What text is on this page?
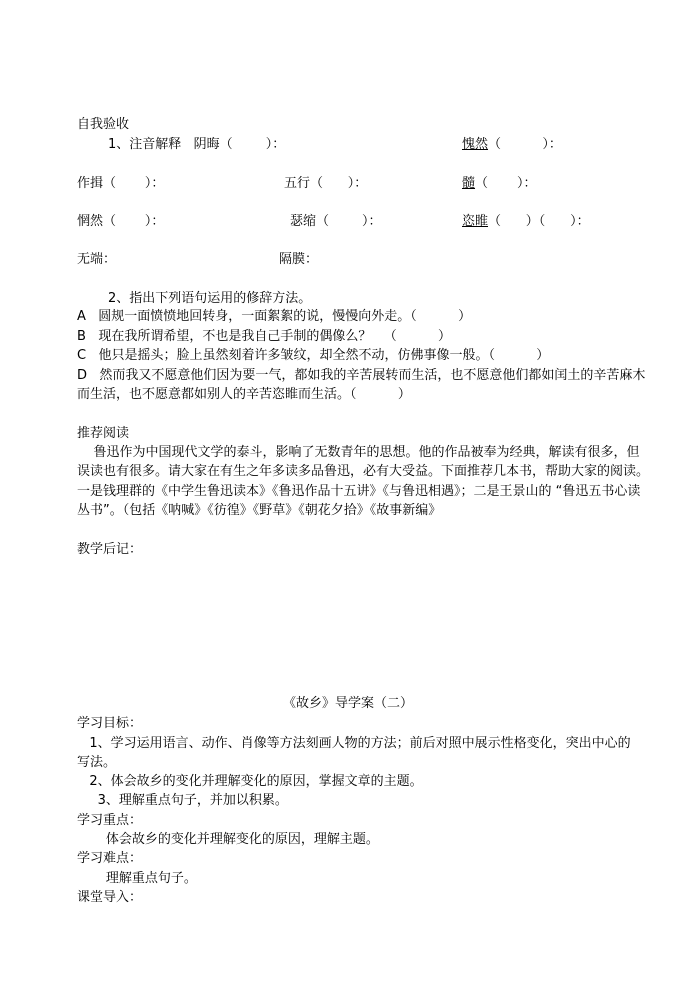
自我验收
1、注音解释   阴晦（        ）：	愧然（          ）：
作揖（       ）：	五行（      ）：	髓（       ）：
惘然（       ）：	瑟缩（        ）：	恣睢（      ）（      ）：
无端：	隔膜：
2、指出下列语句运用的修辞方法。
A   圆规一面愤愤地回转身，一面絮絮的说，慢慢向外走。（          ）
B   现在我所谓希望，不也是我自己手制的偶像么？   （          ）
C   他只是摇头；脸上虽然刻着许多皱纹，却全然不动，仿佛事像一般。（          ）
D   然而我又不愿意他们因为要一气，都如我的辛苦展转而生活，也不愿意他们都如闰土的辛苦麻木
而生活，也不愿意都如别人的辛苦恣睢而生活。（          ）
推荐阅读
鲁迅作为中国现代文学的泰斗，影响了无数青年的思想。他的作品被奉为经典，解读有很多，但
误读也有很多。请大家在有生之年多读多品鲁迅，必有大受益。下面推荐几本书，帮助大家的阅读。
一是钱理群的《中学生鲁迅读本》《鲁迅作品十五讲》《与鲁迅相遇》；二是王景山的 “鲁迅五书心读
丛书”。（包括《呐喊》《彷徨》《野草》《朝花夕拾》《故事新编》
教学后记：
《故乡》导学案（二）
学习目标：
1、学习运用语言、动作、肖像等方法刻画人物的方法；前后对照中展示性格变化，突出中心的
写法。
2、体会故乡的变化并理解变化的原因，掌握文章的主题。
3、理解重点句子，并加以积累。
学习重点：
体会故乡的变化并理解变化的原因，理解主题。
学习难点：
理解重点句子。
课堂导入：
